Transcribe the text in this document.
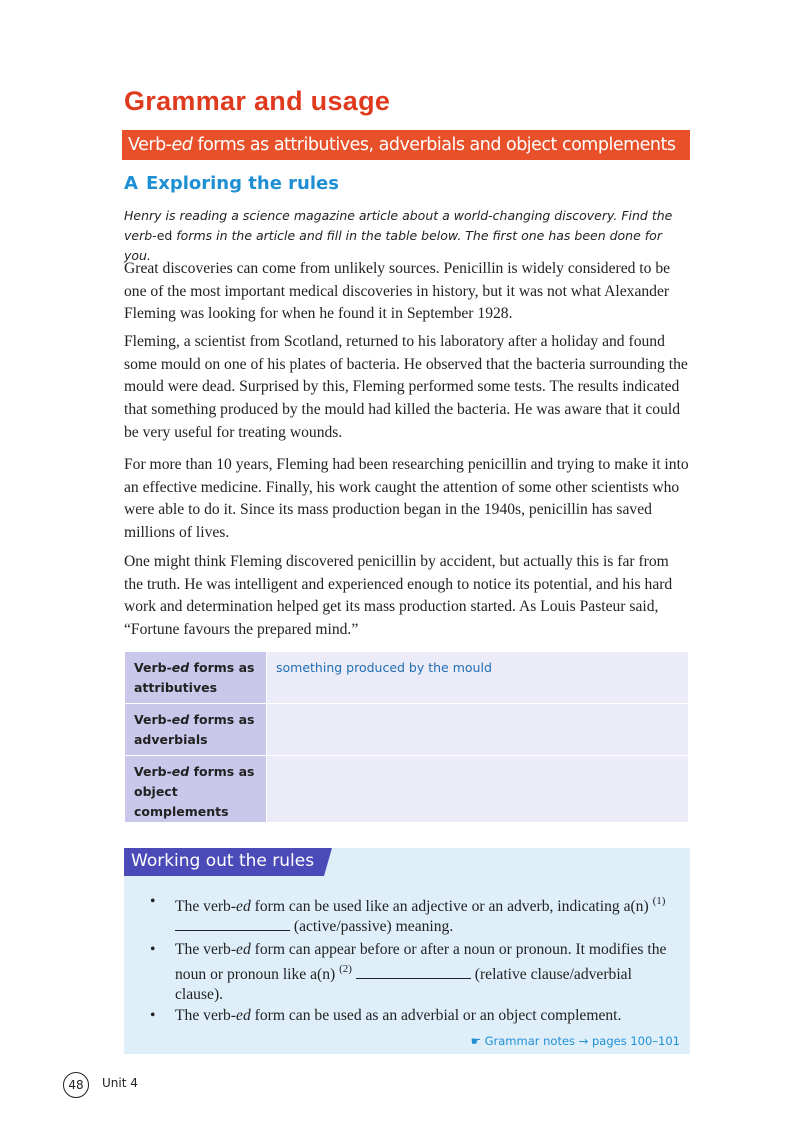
Grammar and usage
Verb-ed forms as attributives, adverbials and object complements
A Exploring the rules
Henry is reading a science magazine article about a world-changing discovery. Find the verb-ed forms in the article and fill in the table below. The first one has been done for you.
Great discoveries can come from unlikely sources. Penicillin is widely considered to be one of the most important medical discoveries in history, but it was not what Alexander Fleming was looking for when he found it in September 1928.
Fleming, a scientist from Scotland, returned to his laboratory after a holiday and found some mould on one of his plates of bacteria. He observed that the bacteria surrounding the mould were dead. Surprised by this, Fleming performed some tests. The results indicated that something produced by the mould had killed the bacteria. He was aware that it could be very useful for treating wounds.
For more than 10 years, Fleming had been researching penicillin and trying to make it into an effective medicine. Finally, his work caught the attention of some other scientists who were able to do it. Since its mass production began in the 1940s, penicillin has saved millions of lives.
One might think Fleming discovered penicillin by accident, but actually this is far from the truth. He was intelligent and experienced enough to notice its potential, and his hard work and determination helped get its mass production started. As Louis Pasteur said, “Fortune favours the prepared mind.”
Verb-ed forms as attributives	something produced by the mould
Verb-ed forms as adverbials	
Verb-ed forms as object complements	
Working out the rules
• The verb-ed form can be used like an adjective or an adverb, indicating a(n) $^{(1)}$  (active/passive) meaning.
• The verb-ed form can appear before or after a noun or pronoun. It modifies the noun or pronoun like a(n) $^{(2)}$	(relative clause/adverbial clause).
• The verb-ed form can be used as an adverbial or an object complement.
☛ Grammar notes → pages 100–101
48	Unit 4
